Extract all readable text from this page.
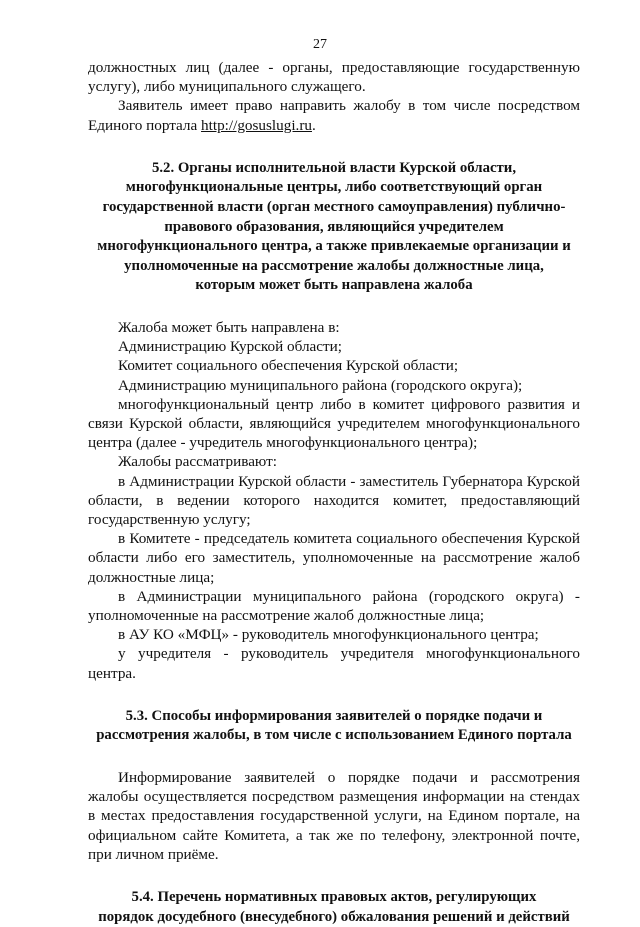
27

должностных лиц (далее - органы, предоставляющие государственную услугу), либо муниципального служащего.

Заявитель имеет право направить жалобу в том числе посредством Единого портала http://gosuslugi.ru.

5.2. Органы исполнительной власти Курской области,
многофункциональные центры, либо соответствующий орган
государственной власти (орган местного самоуправления) публично-
правового образования, являющийся учредителем
многофункционального центра, а также привлекаемые организации и
уполномоченные на рассмотрение жалобы должностные лица,
которым может быть направлена жалоба

Жалоба может быть направлена в:

Администрацию Курской области;

Комитет социального обеспечения Курской области;

Администрацию муниципального района (городского округа);

многофункциональный центр либо в комитет цифрового развития и связи Курской области, являющийся учредителем многофункционального центра (далее - учредитель многофункционального центра);

Жалобы рассматривают:

в Администрации Курской области - заместитель Губернатора Курской области, в ведении которого находится комитет, предоставляющий государственную услугу;

в Комитете - председатель комитета социального обеспечения Курской области либо его заместитель, уполномоченные на рассмотрение жалоб должностные лица;

в Администрации муниципального района (городского округа) - уполномоченные на рассмотрение жалоб должностные лица;

в АУ КО «МФЦ» - руководитель многофункционального центра;

у учредителя - руководитель учредителя многофункционального центра.

5.3. Способы информирования заявителей о порядке подачи и
рассмотрения жалобы, в том числе с использованием Единого портала

Информирование заявителей о порядке подачи и рассмотрения жалобы осуществляется посредством размещения информации на стендах в местах предоставления государственной услуги, на Едином портале, на официальном сайте Комитета, а так же по телефону, электронной почте, при личном приёме.

5.4. Перечень нормативных правовых актов, регулирующих
порядок досудебного (внесудебного) обжалования решений и действий
